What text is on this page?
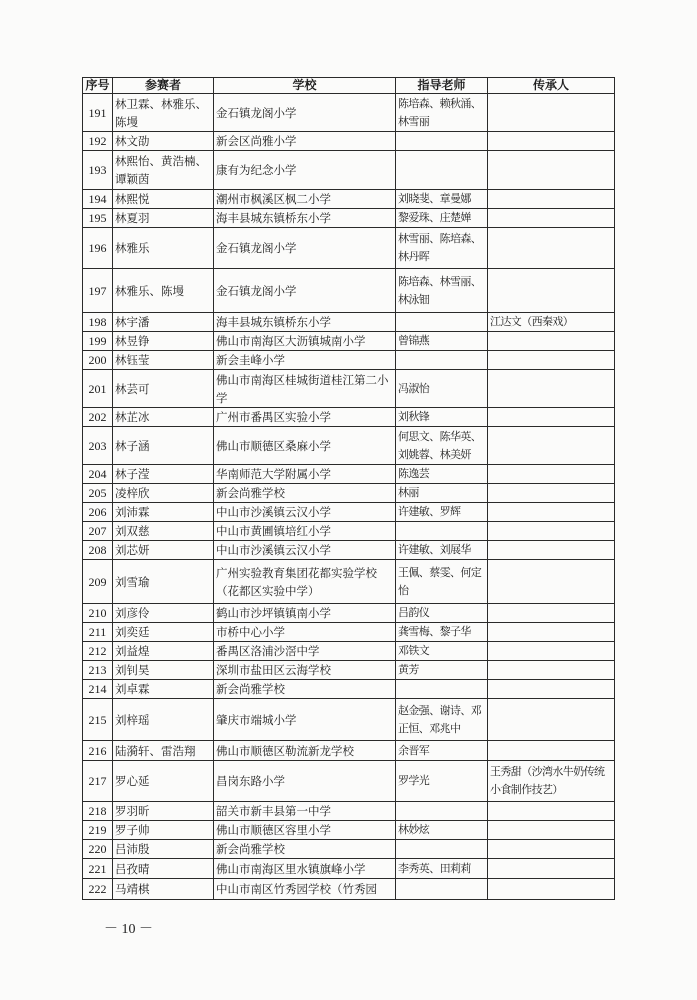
序号	参赛者	学校	指导老师	传承人
191	林卫霖、林雅乐、陈墁	金石镇龙阁小学	陈培森、赖秋涌、林雪丽	
192	林文劭	新会区尚雅小学		
193	林熙怡、黄浩楠、谭颖茵	康有为纪念小学		
194	林熙悦	潮州市枫溪区枫二小学	刘晓斐、章曼娜	
195	林夏羽	海丰县城东镇桥东小学	黎爱珠、庄楚婵	
196	林雅乐	金石镇龙阁小学	林雪丽、陈培森、林丹晖	
197	林雅乐、陈墁	金石镇龙阁小学	陈培森、林雪丽、林泳钿	
198	林宇潘	海丰县城东镇桥东小学		江达文（西秦戏）
199	林昱铮	佛山市南海区大沥镇城南小学	曾锦燕	
200	林钰莹	新会圭峰小学		
201	林芸可	佛山市南海区桂城街道桂江第二小学	冯淑怡	
202	林芷冰	广州市番禺区实验小学	刘秋锋	
203	林子涵	佛山市顺德区桑麻小学	何思文、陈华英、刘姚蓉、林美妍	
204	林子滢	华南师范大学附属小学	陈逸芸	
205	凌梓欣	新会尚雅学校	林丽	
206	刘沛霖	中山市沙溪镇云汉小学	许建敏、罗辉	
207	刘双慈	中山市黄圃镇培红小学		
208	刘芯妍	中山市沙溪镇云汉小学	许建敏、刘展华	
209	刘雪瑜	广州实验教育集团花都实验学校（花都区实验中学）	王佩、蔡雯、何定怡	
210	刘彦伶	鹤山市沙坪镇镇南小学	吕韵仪	
211	刘奕廷	市桥中心小学	龚雪梅、黎子华	
212	刘益煌	番禺区洛浦沙滘中学	邓铁文	
213	刘钊昊	深圳市盐田区云海学校	黄芳	
214	刘卓霖	新会尚雅学校		
215	刘梓瑶	肇庆市端城小学	赵金强、谢诗、邓正恒、邓兆中	
216	陆漪轩、雷浩翔	佛山市顺德区勒流新龙学校	余晋军	
217	罗心延	昌岗东路小学	罗学光	王秀甜（沙湾水牛奶传统小食制作技艺）
218	罗羽昕	韶关市新丰县第一中学		
219	罗子帅	佛山市顺德区容里小学	林妙炫	
220	吕沛殷	新会尚雅学校		
221	吕孜晴	佛山市南海区里水镇旗峰小学	李秀英、田莉莉	
222	马靖棋	中山市南区竹秀园学校（竹秀园		
－ 10 －
